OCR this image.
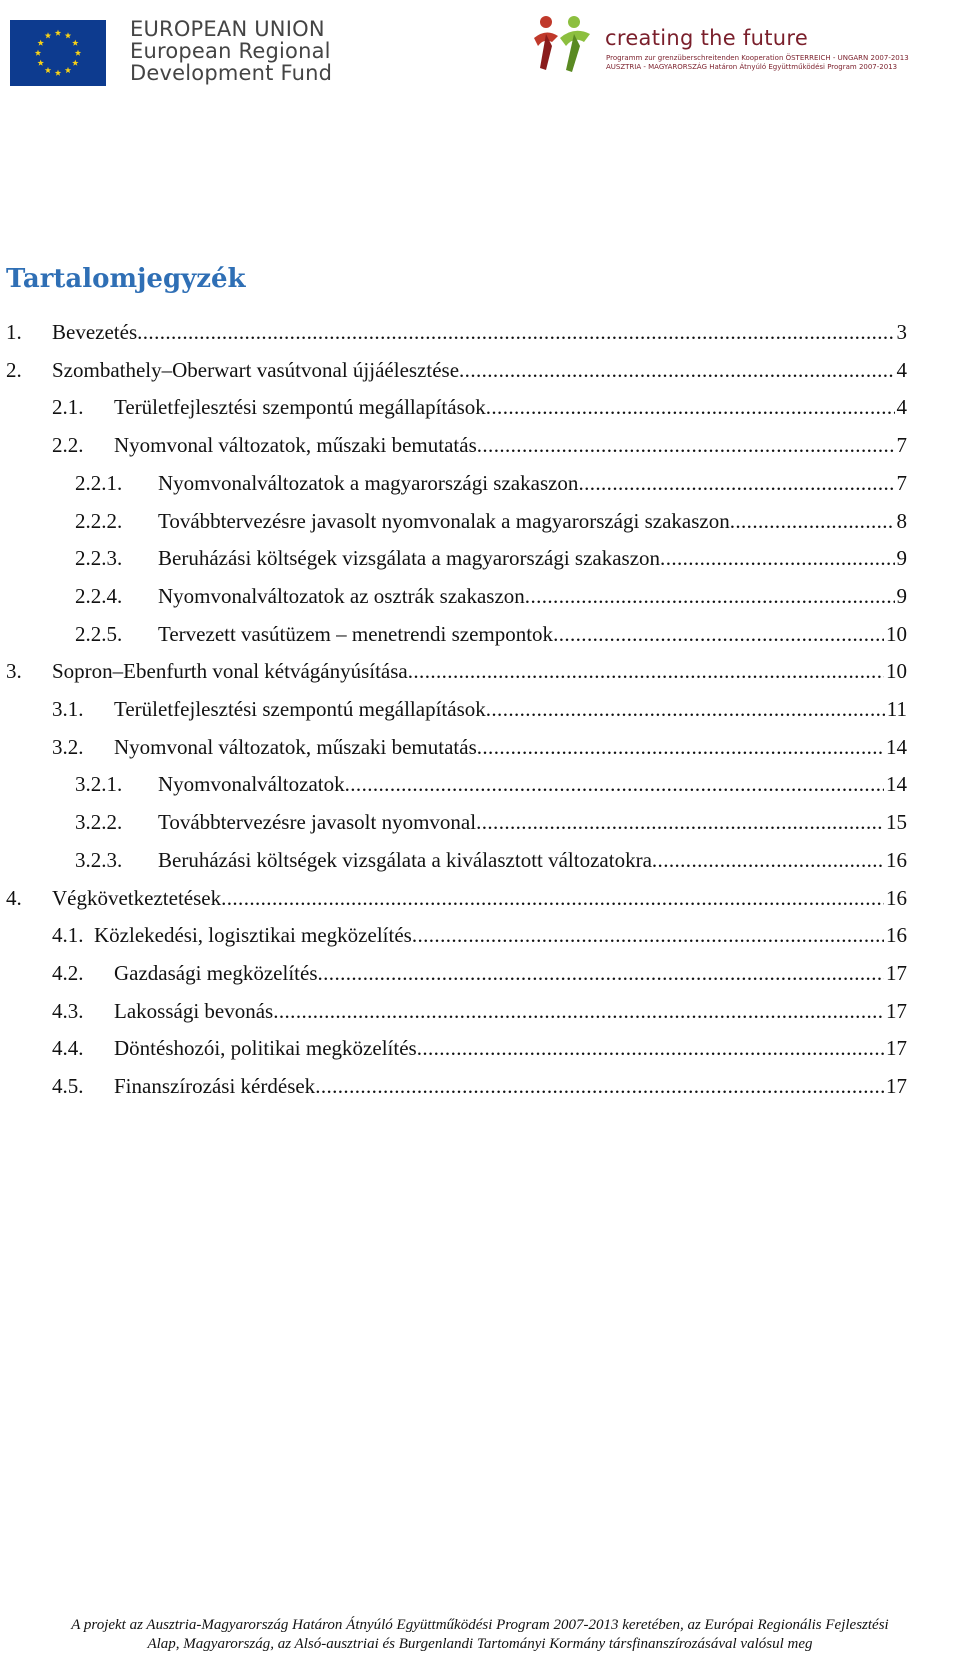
EUROPEAN UNION
European Regional
Development Fund
creating the future
Programm zur grenzüberschreitenden Kooperation ÖSTERREICH - UNGARN 2007-2013
AUSZTRIA - MAGYARORSZÁG Határon Átnyúló Együttműködési Program 2007-2013
Tartalomjegyzék
1.	Bevezetés .....	3
2.	Szombathely–Oberwart vasútvonal újjáélesztése .....	4
2.1.	Területfejlesztési szempontú megállapítások .....	4
2.2.	Nyomvonal változatok, műszaki bemutatás .....	7
2.2.1.	Nyomvonalváltozatok a magyarországi szakaszon .....	7
2.2.2.	Továbbtervezésre javasolt nyomvonalak a magyarországi szakaszon .....	8
2.2.3.	Beruházási költségek vizsgálata a magyarországi szakaszon .....	9
2.2.4.	Nyomvonalváltozatok az osztrák szakaszon .....	9
2.2.5.	Tervezett vasútüzem – menetrendi szempontok .....	10
3.	Sopron–Ebenfurth vonal kétvágányúsítása .....	10
3.1.	Területfejlesztési szempontú megállapítások .....	11
3.2.	Nyomvonal változatok, műszaki bemutatás .....	14
3.2.1.	Nyomvonalváltozatok .....	14
3.2.2.	Továbbtervezésre javasolt nyomvonal .....	15
3.2.3.	Beruházási költségek vizsgálata a kiválasztott változatokra .....	16
4.	Végkövetkeztetések .....	16
4.1. Közlekedési, logisztikai megközelítés .....	16
4.2.	Gazdasági megközelítés .....	17
4.3.	Lakossági bevonás .....	17
4.4.	Döntéshozói, politikai megközelítés .....	17
4.5.	Finanszírozási kérdések .....	17
A projekt az Ausztria-Magyarország Határon Átnyúló Együttműködési Program 2007-2013 keretében, az Európai Regionális Fejlesztési
Alap, Magyarország, az Alsó-ausztriai és Burgenlandi Tartományi Kormány társfinanszírozásával valósul meg
